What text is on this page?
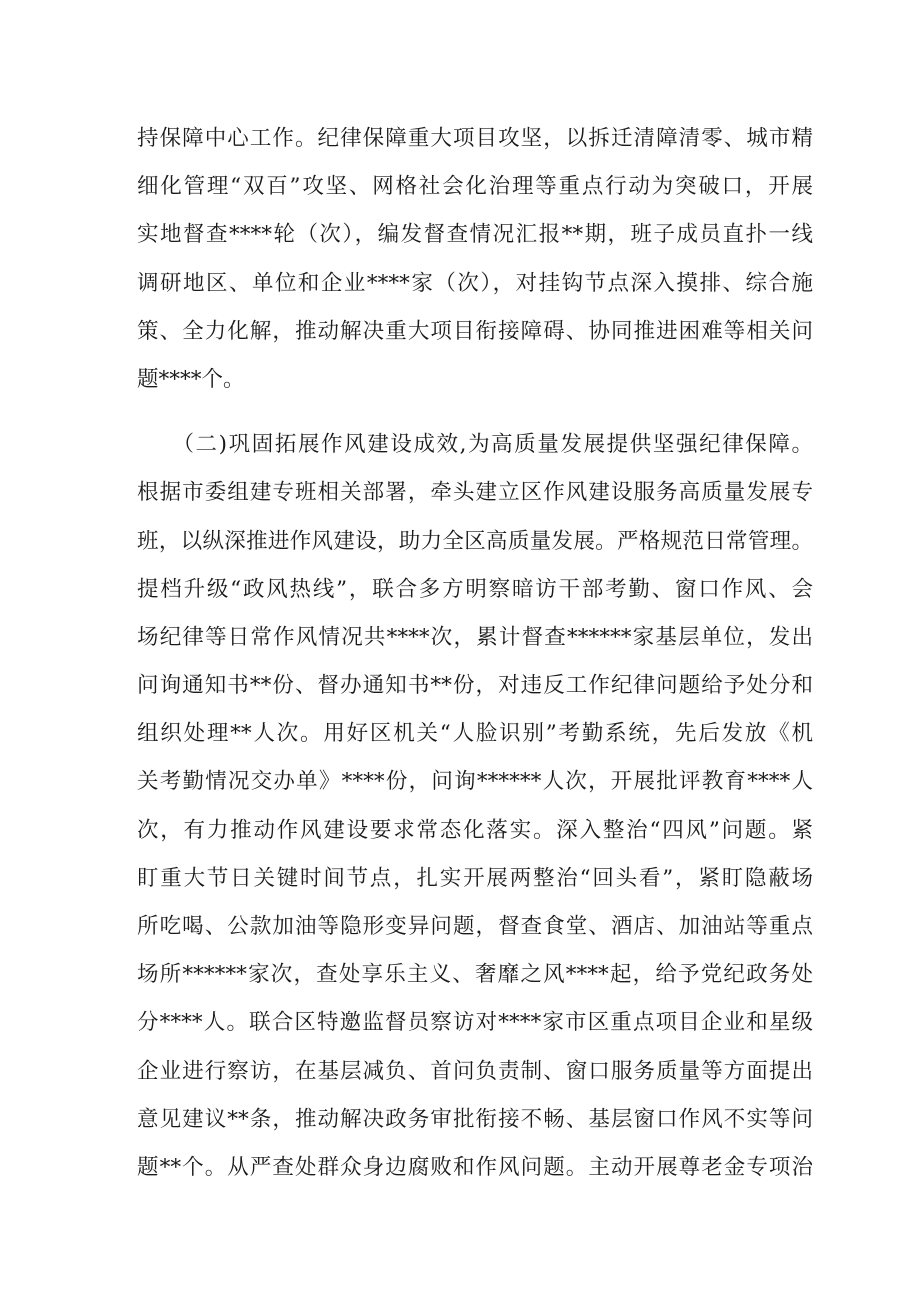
持保障中心工作。纪律保障重大项目攻坚，以拆迁清障清零、城市精
细化管理“双百”攻坚、网格社会化治理等重点行动为突破口，开展
实地督查****轮（次），编发督查情况汇报**期，班子成员直扑一线
调研地区、单位和企业****家（次），对挂钩节点深入摸排、综合施
策、全力化解，推动解决重大项目衔接障碍、协同推进困难等相关问
题****个。
　　（二)巩固拓展作风建设成效,为高质量发展提供坚强纪律保障。
根据市委组建专班相关部署，牵头建立区作风建设服务高质量发展专
班，以纵深推进作风建设，助力全区高质量发展。严格规范日常管理。
提档升级“政风热线”，联合多方明察暗访干部考勤、窗口作风、会
场纪律等日常作风情况共****次，累计督查******家基层单位，发出
问询通知书**份、督办通知书**份，对违反工作纪律问题给予处分和
组织处理**人次。用好区机关“人脸识别”考勤系统，先后发放《机
关考勤情况交办单》****份，问询******人次，开展批评教育****人
次，有力推动作风建设要求常态化落实。深入整治“四风”问题。紧
盯重大节日关键时间节点，扎实开展两整治“回头看”，紧盯隐蔽场
所吃喝、公款加油等隐形变异问题，督查食堂、酒店、加油站等重点
场所******家次，查处享乐主义、奢靡之风****起，给予党纪政务处
分****人。联合区特邀监督员察访对****家市区重点项目企业和星级
企业进行察访，在基层减负、首问负责制、窗口服务质量等方面提出
意见建议**条，推动解决政务审批衔接不畅、基层窗口作风不实等问
题**个。从严查处群众身边腐败和作风问题。主动开展尊老金专项治
